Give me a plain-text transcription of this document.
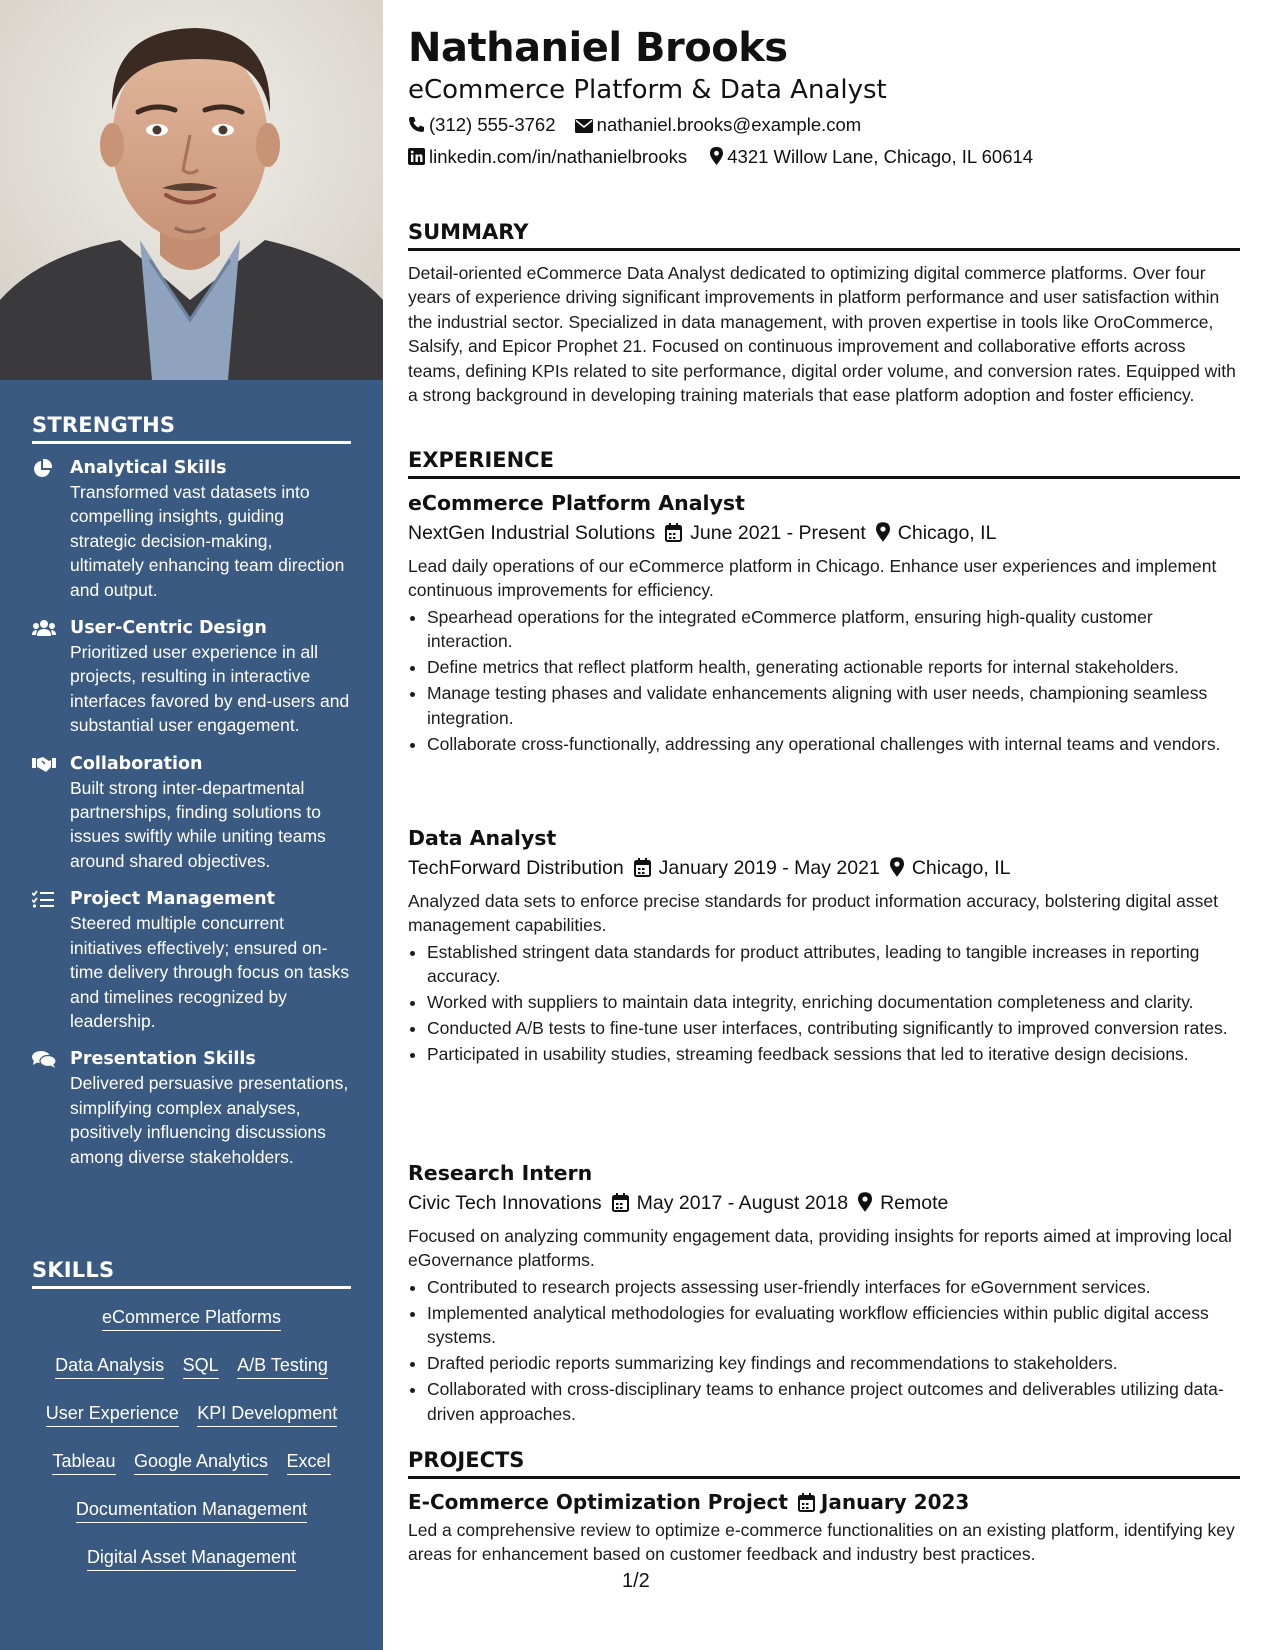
STRENGTHS
Analytical Skills
Transformed vast datasets into compelling insights, guiding strategic decision-making, ultimately enhancing team direction and output.
User-Centric Design
Prioritized user experience in all projects, resulting in interactive interfaces favored by end-users and substantial user engagement.
Collaboration
Built strong inter-departmental partnerships, finding solutions to issues swiftly while uniting teams around shared objectives.
Project Management
Steered multiple concurrent initiatives effectively; ensured on-time delivery through focus on tasks and timelines recognized by leadership.
Presentation Skills
Delivered persuasive presentations, simplifying complex analyses, positively influencing discussions among diverse stakeholders.
SKILLS
eCommerce Platforms
Data Analysis SQL A/B Testing
User Experience KPI Development
Tableau Google Analytics Excel
Documentation Management
Digital Asset Management
Nathaniel Brooks
eCommerce Platform & Data Analyst
(312) 555-3762 nathaniel.brooks@example.com
linkedin.com/in/nathanielbrooks 4321 Willow Lane, Chicago, IL 60614
SUMMARY
Detail-oriented eCommerce Data Analyst dedicated to optimizing digital commerce platforms. Over four years of experience driving significant improvements in platform performance and user satisfaction within the industrial sector. Specialized in data management, with proven expertise in tools like OroCommerce, Salsify, and Epicor Prophet 21. Focused on continuous improvement and collaborative efforts across teams, defining KPIs related to site performance, digital order volume, and conversion rates. Equipped with a strong background in developing training materials that ease platform adoption and foster efficiency.
EXPERIENCE
eCommerce Platform Analyst
NextGen Industrial Solutions June 2021 - Present Chicago, IL
Lead daily operations of our eCommerce platform in Chicago. Enhance user experiences and implement continuous improvements for efficiency.
• Spearhead operations for the integrated eCommerce platform, ensuring high-quality customer interaction.
• Define metrics that reflect platform health, generating actionable reports for internal stakeholders.
• Manage testing phases and validate enhancements aligning with user needs, championing seamless integration.
• Collaborate cross-functionally, addressing any operational challenges with internal teams and vendors.
Data Analyst
TechForward Distribution January 2019 - May 2021 Chicago, IL
Analyzed data sets to enforce precise standards for product information accuracy, bolstering digital asset management capabilities.
• Established stringent data standards for product attributes, leading to tangible increases in reporting accuracy.
• Worked with suppliers to maintain data integrity, enriching documentation completeness and clarity.
• Conducted A/B tests to fine-tune user interfaces, contributing significantly to improved conversion rates.
• Participated in usability studies, streaming feedback sessions that led to iterative design decisions.
Research Intern
Civic Tech Innovations May 2017 - August 2018 Remote
Focused on analyzing community engagement data, providing insights for reports aimed at improving local eGovernance platforms.
• Contributed to research projects assessing user-friendly interfaces for eGovernment services.
• Implemented analytical methodologies for evaluating workflow efficiencies within public digital access systems.
• Drafted periodic reports summarizing key findings and recommendations to stakeholders.
• Collaborated with cross-disciplinary teams to enhance project outcomes and deliverables utilizing data-driven approaches.
PROJECTS
E-Commerce Optimization Project January 2023
Led a comprehensive review to optimize e-commerce functionalities on an existing platform, identifying key areas for enhancement based on customer feedback and industry best practices.
1/2
